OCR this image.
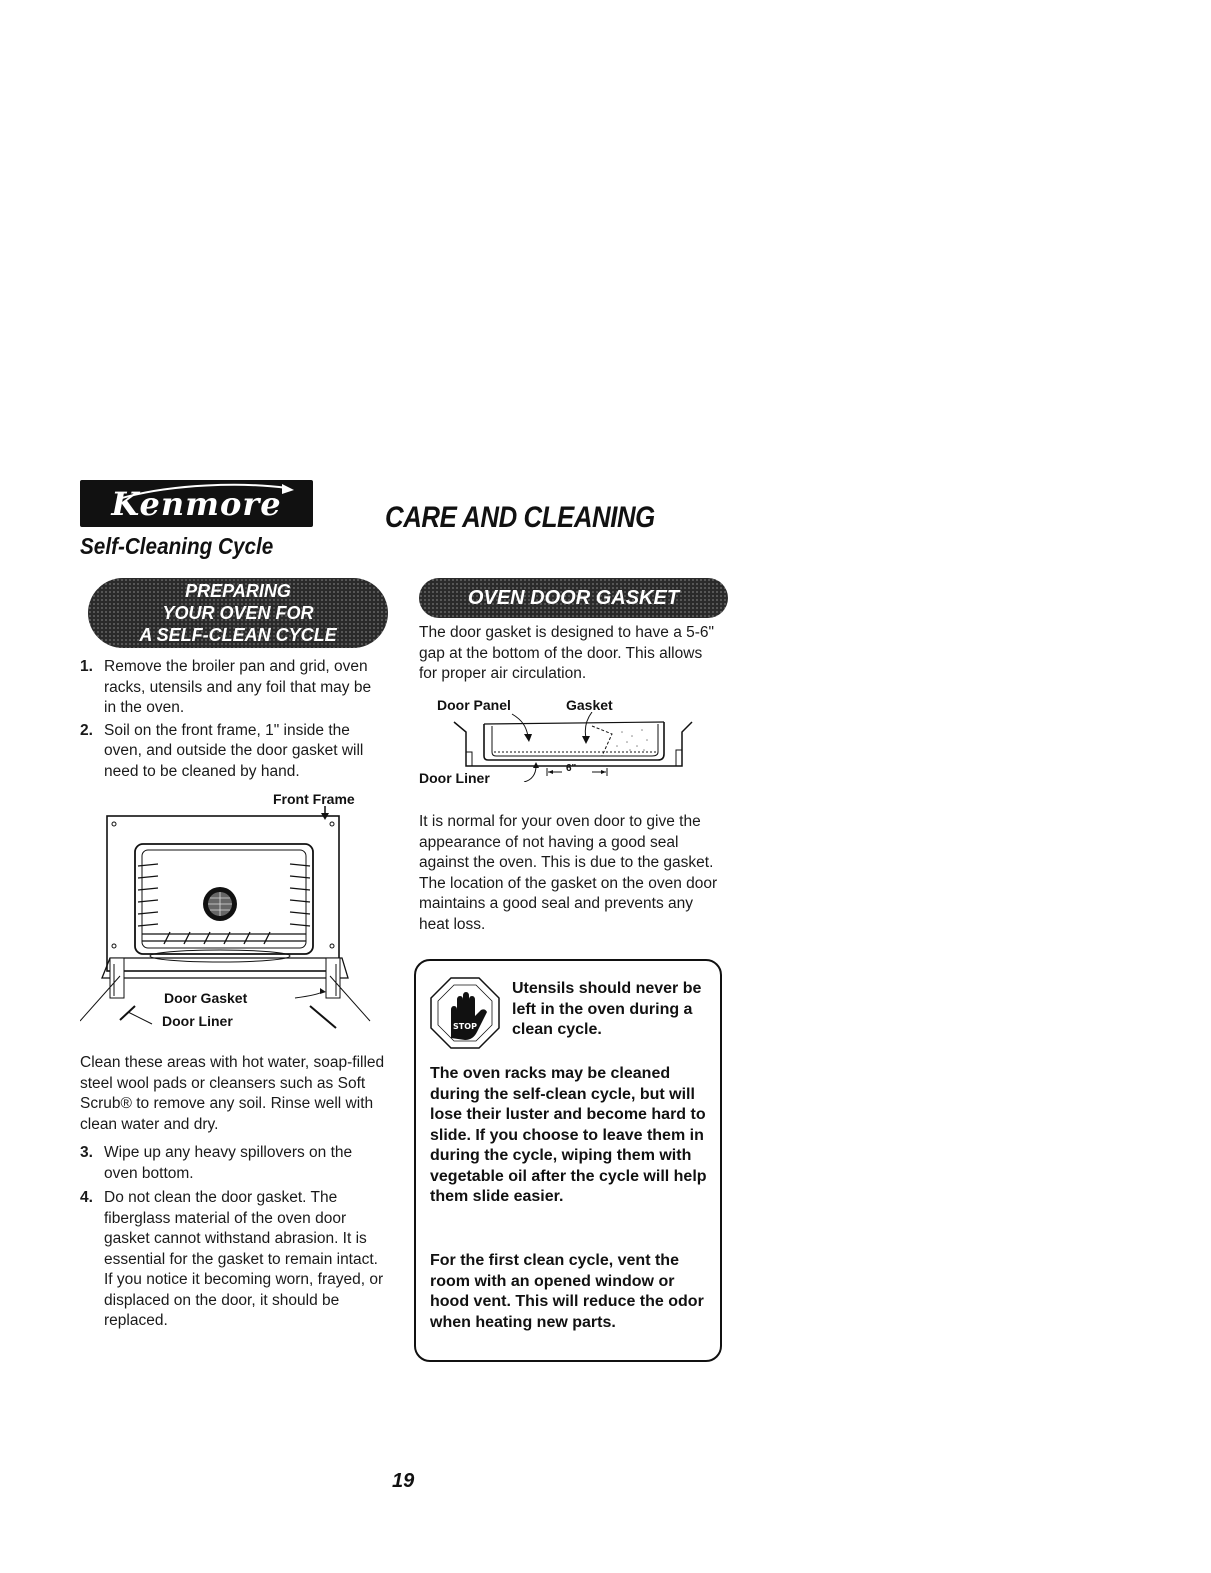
Kenmore	CARE AND CLEANING
Self-Cleaning Cycle
PREPARING
YOUR OVEN FOR
A SELF-CLEAN CYCLE
1. Remove the broiler pan and grid, oven racks, utensils and any foil that may be in the oven.
2. Soil on the front frame, 1" inside the oven, and outside the door gasket will need to be cleaned by hand.
Front Frame
Door Gasket
Door Liner
Clean these areas with hot water, soap-filled steel wool pads or cleansers such as Soft Scrub® to remove any soil. Rinse well with clean water and dry.
3. Wipe up any heavy spillovers on the oven bottom.
4. Do not clean the door gasket. The fiberglass material of the oven door gasket cannot withstand abrasion. It is essential for the gasket to remain intact. If you notice it becoming worn, frayed, or displaced on the door, it should be replaced.
OVEN DOOR GASKET
The door gasket is designed to have a 5-6" gap at the bottom of the door. This allows for proper air circulation.
Door Panel	Gasket
6"
Door Liner
It is normal for your oven door to give the appearance of not having a good seal against the oven. This is due to the gasket. The location of the gasket on the oven door maintains a good seal and prevents any heat loss.
STOP
Utensils should never be left in the oven during a clean cycle.
The oven racks may be cleaned during the self-clean cycle, but will lose their luster and become hard to slide. If you choose to leave them in during the cycle, wiping them with vegetable oil after the cycle will help them slide easier.
For the first clean cycle, vent the room with an opened window or hood vent. This will reduce the odor when heating new parts.
19
